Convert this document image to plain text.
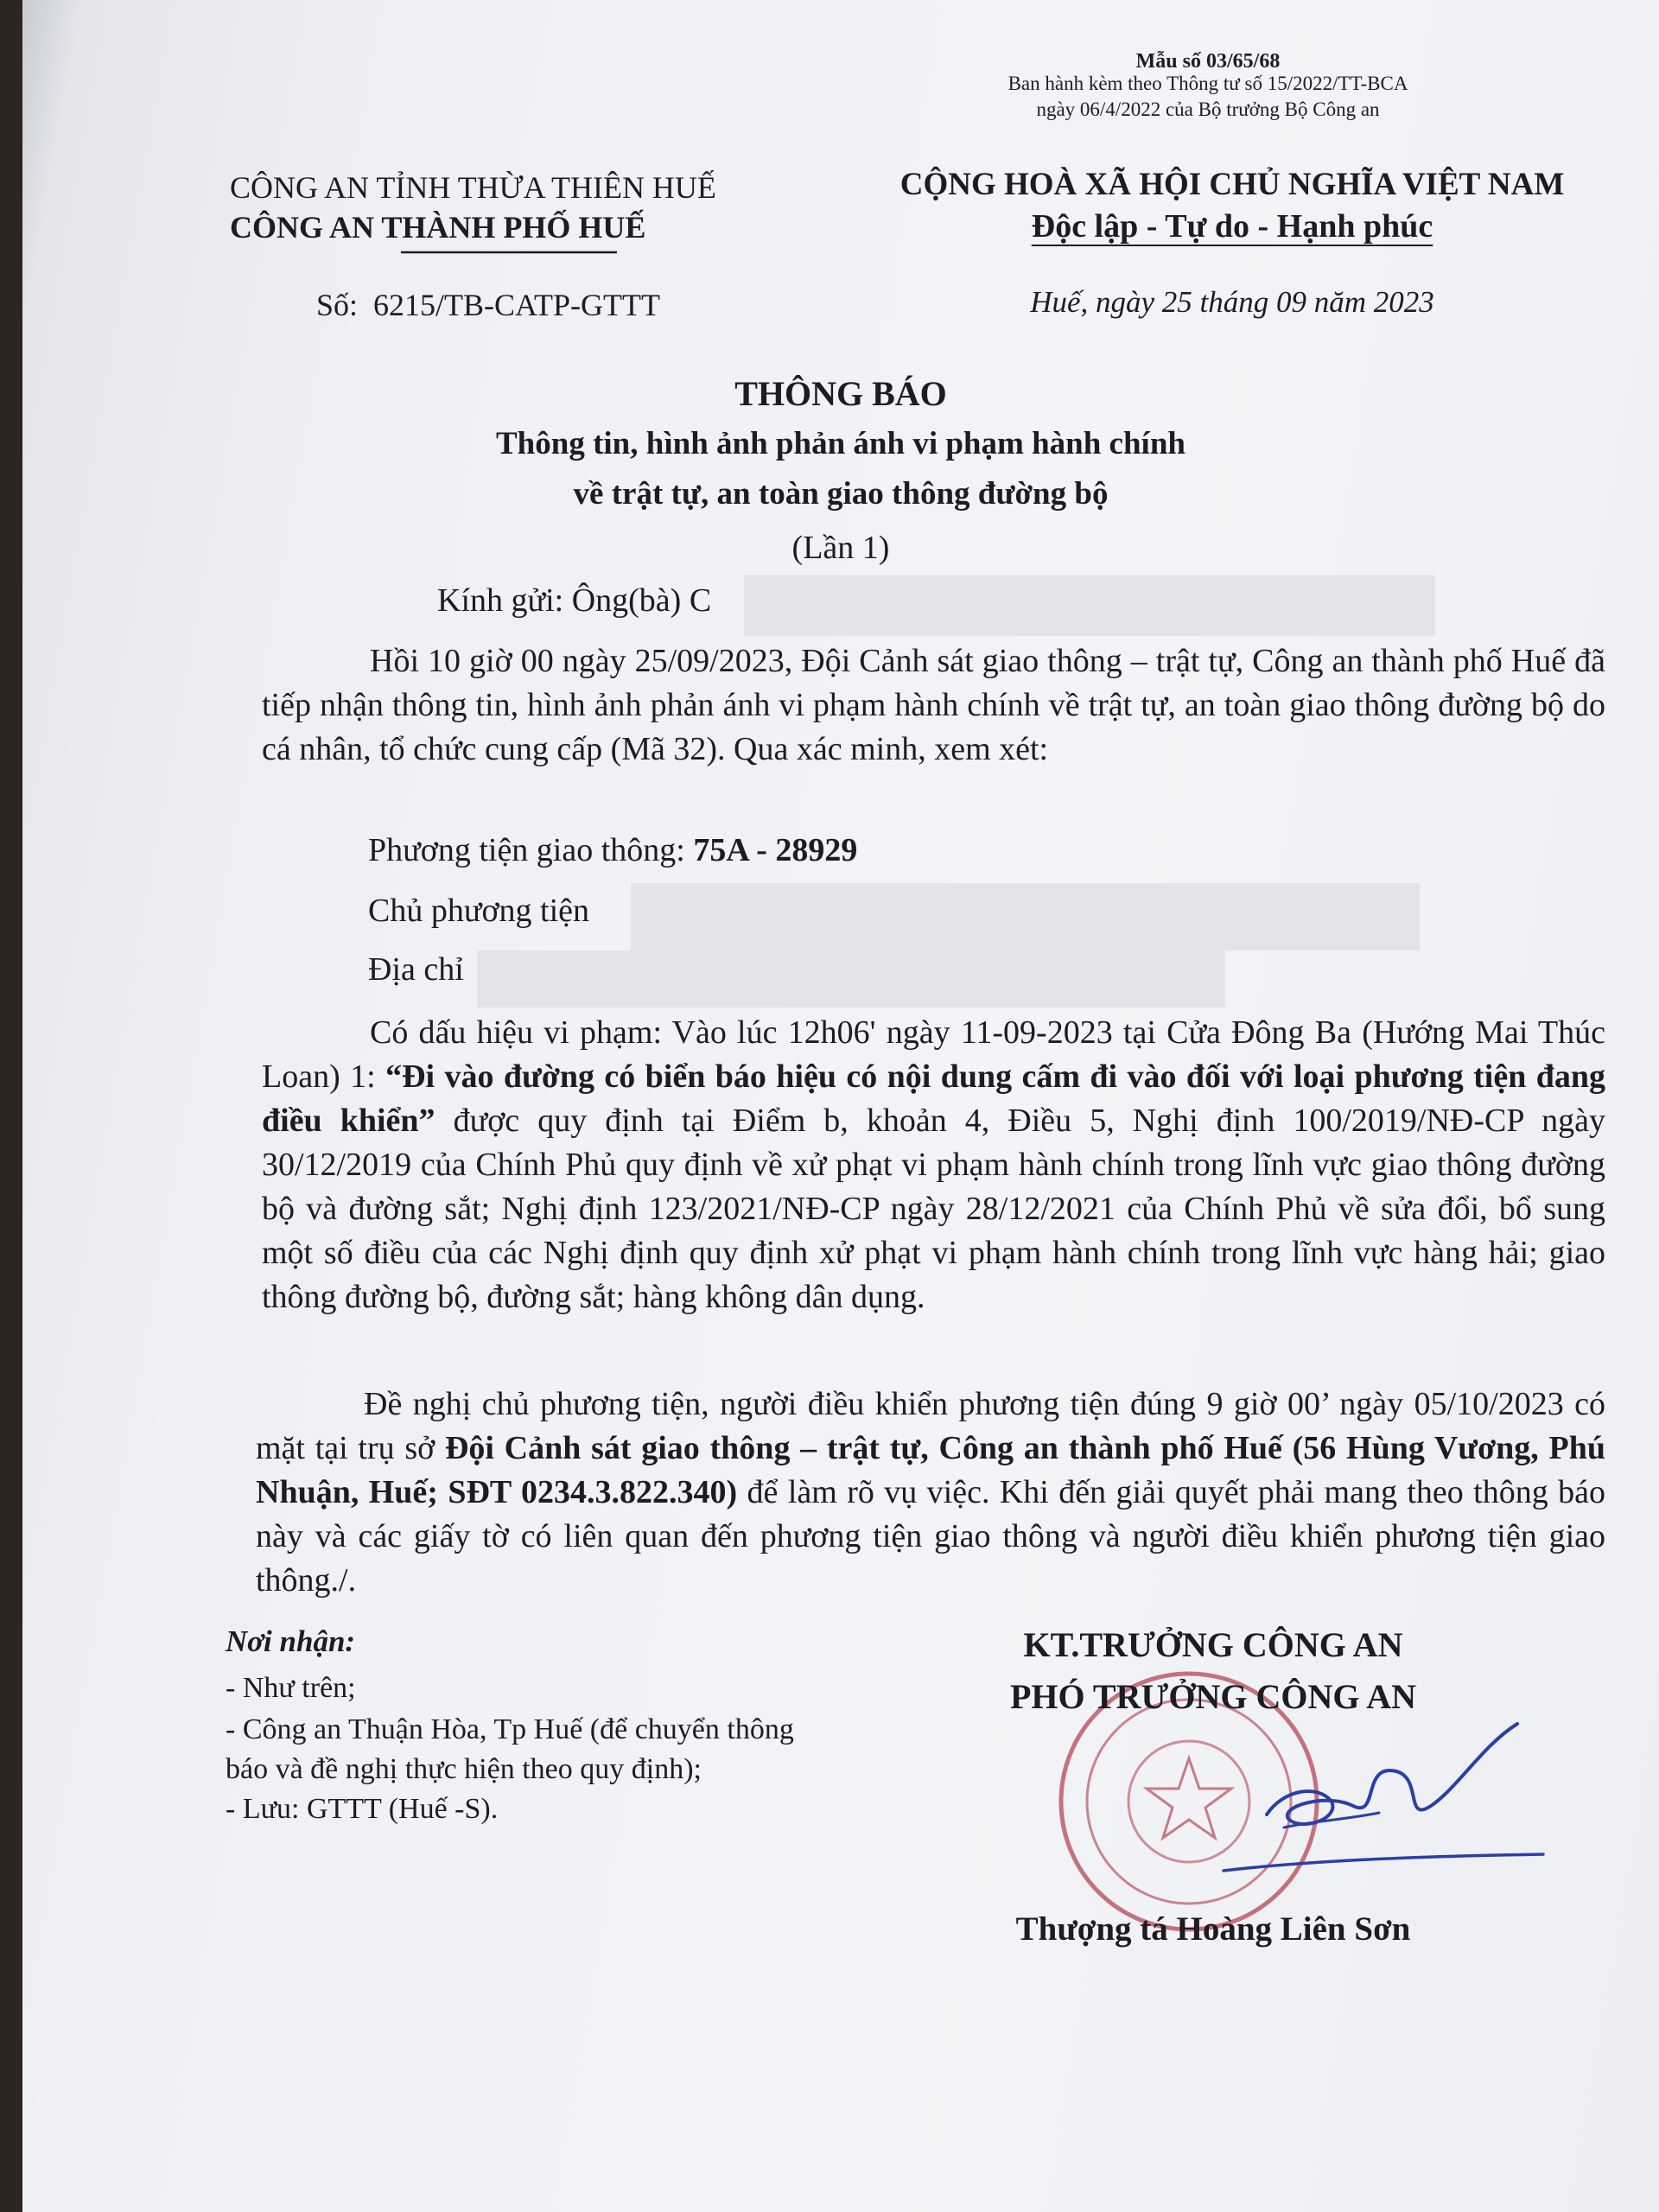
Mẫu số 03/65/68
Ban hành kèm theo Thông tư số 15/2022/TT-BCA
ngày 06/4/2022 của Bộ trưởng Bộ Công an
CÔNG AN TỈNH THỪA THIÊN HUẾ
CÔNG AN THÀNH PHỐ HUẾ
Số: 6215/TB-CATP-GTTT
CỘNG HOÀ XÃ HỘI CHỦ NGHĨA VIỆT NAM
Độc lập - Tự do - Hạnh phúc
Huế, ngày 25 tháng 09 năm 2023
THÔNG BÁO
Thông tin, hình ảnh phản ánh vi phạm hành chính
về trật tự, an toàn giao thông đường bộ
(Lần 1)
Kính gửi: Ông(bà) C
Hồi 10 giờ 00 ngày 25/09/2023, Đội Cảnh sát giao thông – trật tự, Công an thành phố Huế đã tiếp nhận thông tin, hình ảnh phản ánh vi phạm hành chính về trật tự, an toàn giao thông đường bộ do cá nhân, tổ chức cung cấp (Mã 32). Qua xác minh, xem xét:
Phương tiện giao thông: 75A - 28929
Chủ phương tiện
Địa chỉ
Có dấu hiệu vi phạm: Vào lúc 12h06' ngày 11-09-2023 tại Cửa Đông Ba (Hướng Mai Thúc Loan) 1: “Đi vào đường có biển báo hiệu có nội dung cấm đi vào đối với loại phương tiện đang điều khiển” được quy định tại Điểm b, khoản 4, Điều 5, Nghị định 100/2019/NĐ-CP ngày 30/12/2019 của Chính Phủ quy định về xử phạt vi phạm hành chính trong lĩnh vực giao thông đường bộ và đường sắt; Nghị định 123/2021/NĐ-CP ngày 28/12/2021 của Chính Phủ về sửa đổi, bổ sung một số điều của các Nghị định quy định xử phạt vi phạm hành chính trong lĩnh vực hàng hải; giao thông đường bộ, đường sắt; hàng không dân dụng.
Đề nghị chủ phương tiện, người điều khiển phương tiện đúng 9 giờ 00’ ngày 05/10/2023 có mặt tại trụ sở Đội Cảnh sát giao thông – trật tự, Công an thành phố Huế (56 Hùng Vương, Phú Nhuận, Huế; SĐT 0234.3.822.340) để làm rõ vụ việc. Khi đến giải quyết phải mang theo thông báo này và các giấy tờ có liên quan đến phương tiện giao thông và người điều khiển phương tiện giao thông./.
Nơi nhận:
- Như trên;
- Công an Thuận Hòa, Tp Huế (để chuyển thông
báo và đề nghị thực hiện theo quy định);
- Lưu: GTTT (Huế -S).
KT.TRƯỞNG CÔNG AN
PHÓ TRƯỞNG CÔNG AN
Thượng tá Hoàng Liên Sơn
